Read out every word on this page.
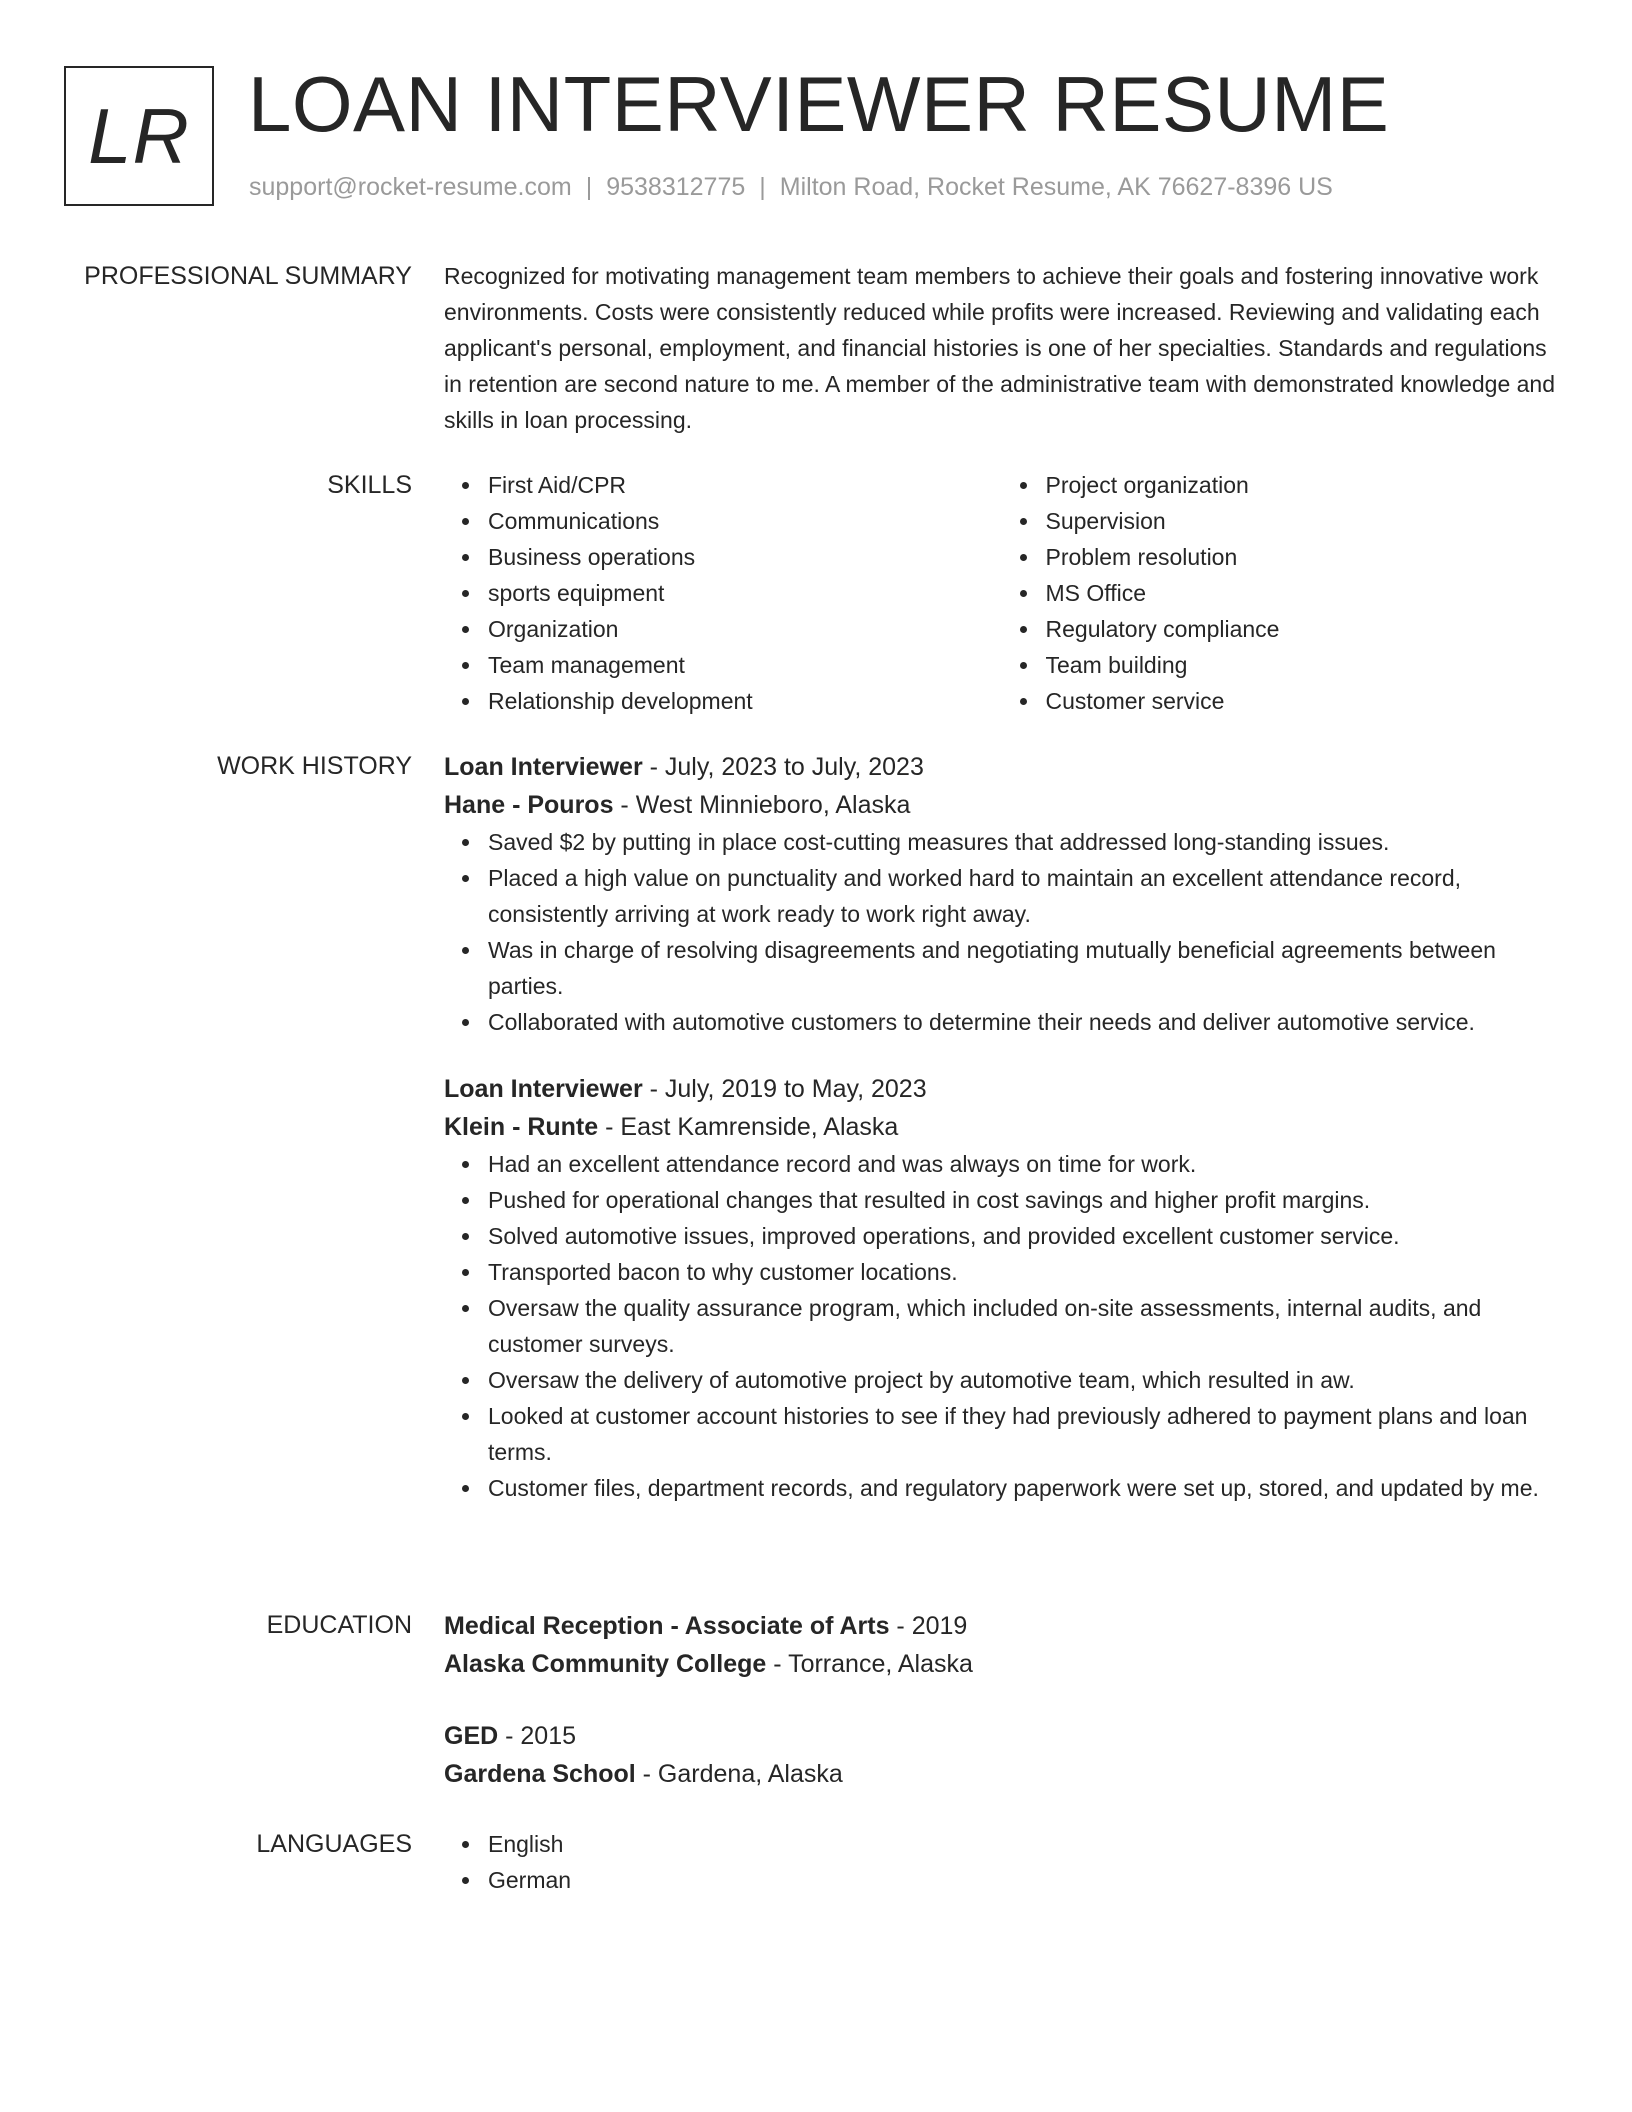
LR LOAN INTERVIEWER RESUME
support@rocket-resume.com | 9538312775 | Milton Road, Rocket Resume, AK 76627-8396 US
PROFESSIONAL SUMMARY Recognized for motivating management team members to achieve their goals and fostering innovative work environments. Costs were consistently reduced while profits were increased. Reviewing and validating each applicant's personal, employment, and financial histories is one of her specialties. Standards and regulations in retention are second nature to me. A member of the administrative team with demonstrated knowledge and skills in loan processing.

SKILLS	First Aid/CPR
Communications
Business operations
sports equipment
Organization
Team management
Relationship development
Project organization
Supervision
Problem resolution
MS Office
Regulatory compliance
Team building
Customer service
WORK HISTORY Loan Interviewer - July, 2023 to July, 2023
Hane - Pouros - West Minnieboro, Alaska
Saved $2 by putting in place cost-cutting measures that addressed long-standing issues.
Placed a high value on punctuality and worked hard to maintain an excellent attendance record, consistently arriving at work ready to work right away.
Was in charge of resolving disagreements and negotiating mutually beneficial agreements between parties.
Collaborated with automotive customers to determine their needs and deliver automotive service.
Loan Interviewer - July, 2019 to May, 2023
Klein - Runte - East Kamrenside, Alaska
Had an excellent attendance record and was always on time for work.
Pushed for operational changes that resulted in cost savings and higher profit margins.
Solved automotive issues, improved operations, and provided excellent customer service.
Transported bacon to why customer locations.
Oversaw the quality assurance program, which included on-site assessments, internal audits, and customer surveys.
Oversaw the delivery of automotive project by automotive team, which resulted in aw.
Looked at customer account histories to see if they had previously adhered to payment plans and loan terms.
Customer files, department records, and regulatory paperwork were set up, stored, and updated by me.
EDUCATION Medical Reception - Associate of Arts - 2019
Alaska Community College - Torrance, Alaska
GED - 2015
Gardena School - Gardena, Alaska
LANGUAGES	English
German
